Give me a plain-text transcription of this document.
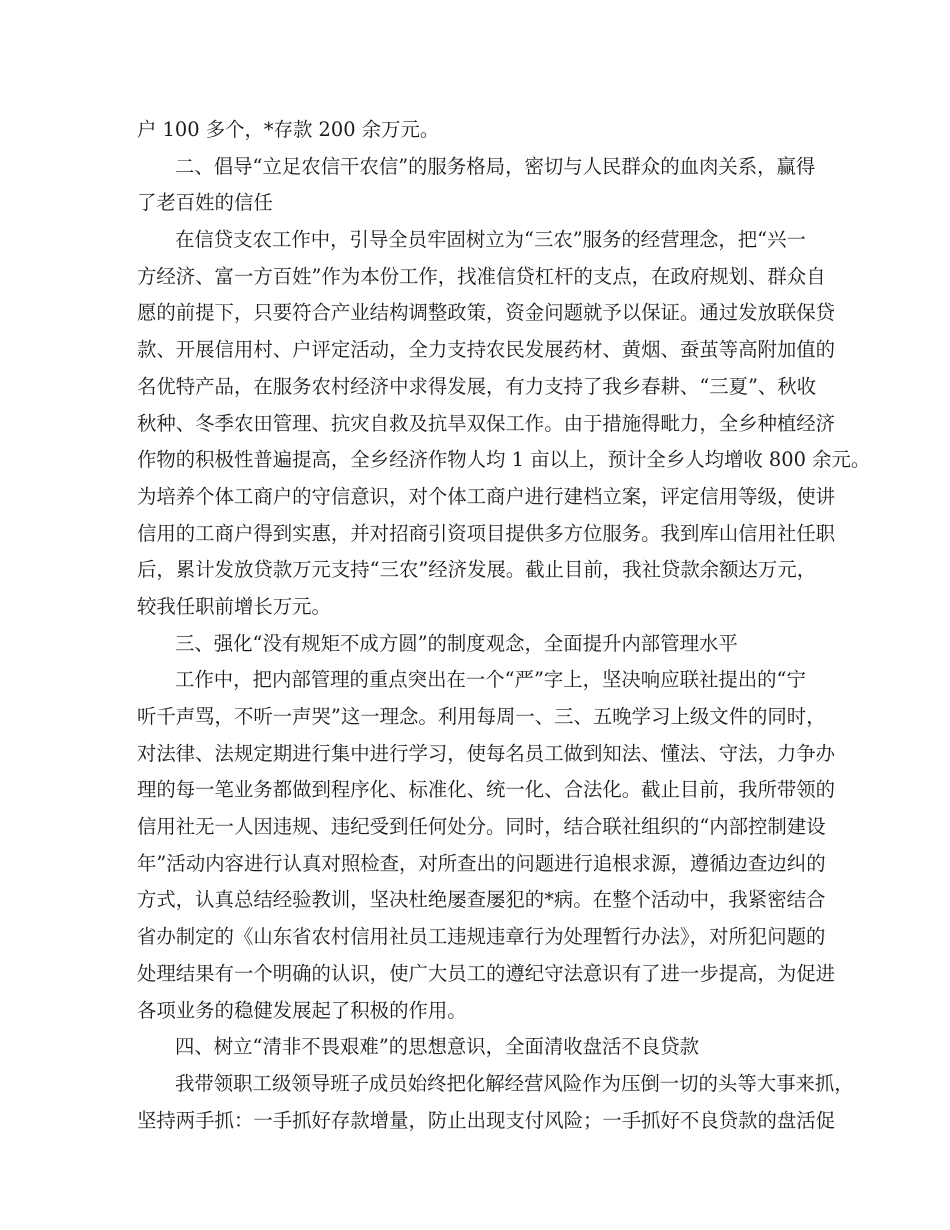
户 100 多个，*存款 200 余万元。

二、倡导“立足农信干农信”的服务格局，密切与人民群众的血肉关系，赢得

了老百姓的信任

在信贷支农工作中，引导全员牢固树立为“三农”服务的经营理念，把“兴一

方经济、富一方百姓”作为本份工作，找准信贷杠杆的支点，在政府规划、群众自

愿的前提下，只要符合产业结构调整政策，资金问题就予以保证。通过发放联保贷

款、开展信用村、户评定活动，全力支持农民发展药材、黄烟、蚕茧等高附加值的

名优特产品，在服务农村经济中求得发展，有力支持了我乡春耕、“三夏”、秋收

秋种、冬季农田管理、抗灾自救及抗旱双保工作。由于措施得毗力，全乡种植经济

作物的积极性普遍提高，全乡经济作物人均 1 亩以上，预计全乡人均增收 800 余元。

为培养个体工商户的守信意识，对个体工商户进行建档立案，评定信用等级，使讲

信用的工商户得到实惠，并对招商引资项目提供多方位服务。我到库山信用社任职

后，累计发放贷款万元支持“三农”经济发展。截止目前，我社贷款余额达万元，

较我任职前增长万元。

三、强化“没有规矩不成方圆”的制度观念，全面提升内部管理水平

工作中，把内部管理的重点突出在一个“严”字上，坚决响应联社提出的“宁

听千声骂，不听一声哭”这一理念。利用每周一、三、五晚学习上级文件的同时，

对法律、法规定期进行集中进行学习，使每名员工做到知法、懂法、守法，力争办

理的每一笔业务都做到程序化、标准化、统一化、合法化。截止目前，我所带领的

信用社无一人因违规、违纪受到任何处分。同时，结合联社组织的“内部控制建设

年”活动内容进行认真对照检查，对所查出的问题进行追根求源，遵循边查边纠的

方式，认真总结经验教训，坚决杜绝屡查屡犯的*病。在整个活动中，我紧密结合

省办制定的《山东省农村信用社员工违规违章行为处理暂行办法》，对所犯问题的

处理结果有一个明确的认识，使广大员工的遵纪守法意识有了进一步提高，为促进

各项业务的稳健发展起了积极的作用。

四、树立“清非不畏艰难”的思想意识，全面清收盘活不良贷款

我带领职工级领导班子成员始终把化解经营风险作为压倒一切的头等大事来抓，

坚持两手抓：一手抓好存款增量，防止出现支付风险；一手抓好不良贷款的盘活促
